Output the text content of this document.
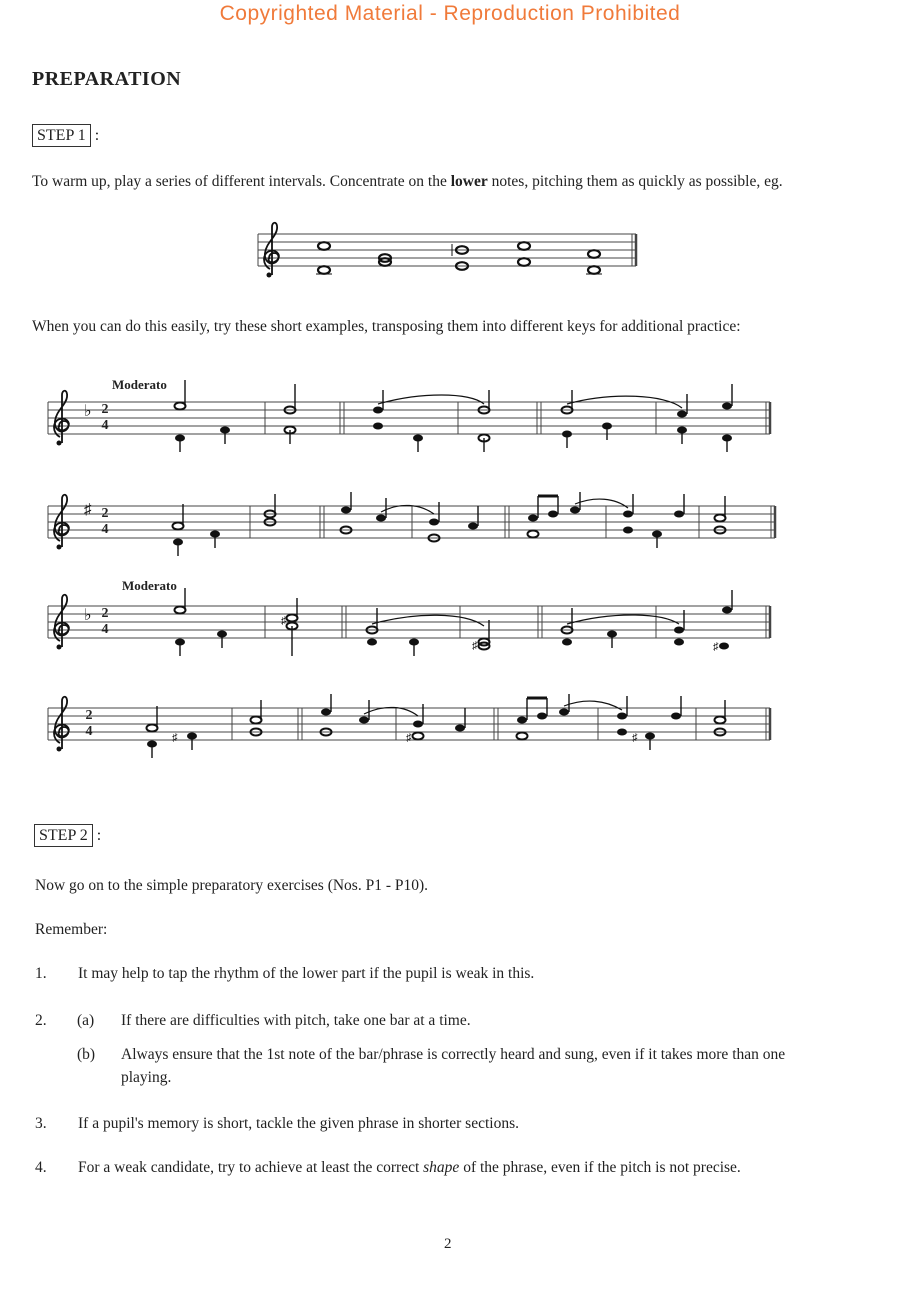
Copyrighted Material - Reproduction Prohibited
PREPARATION
STEP 1 :
To warm up, play a series of different intervals. Concentrate on the lower notes, pitching them as quickly as possible, eg.
♭
♯
♭	♯
♯	♯
♯	♯	♯
2
4
2
4
2
4
2
4
Moderato
Moderato
When you can do this easily, try these short examples, transposing them into different keys for additional practice:
STEP 2 :
Now go on to the simple preparatory exercises (Nos. P1 - P10).
Remember:
1. It may help to tap the rhythm of the lower part if the pupil is weak in this.
2. (a) If there are difficulties with pitch, take one bar at a time.
(b) Always ensure that the 1st note of the bar/phrase is correctly heard and sung, even if it takes more than one playing.
3. If a pupil's memory is short, tackle the given phrase in shorter sections.
4. For a weak candidate, try to achieve at least the correct shape of the phrase, even if the pitch is not precise.
2
